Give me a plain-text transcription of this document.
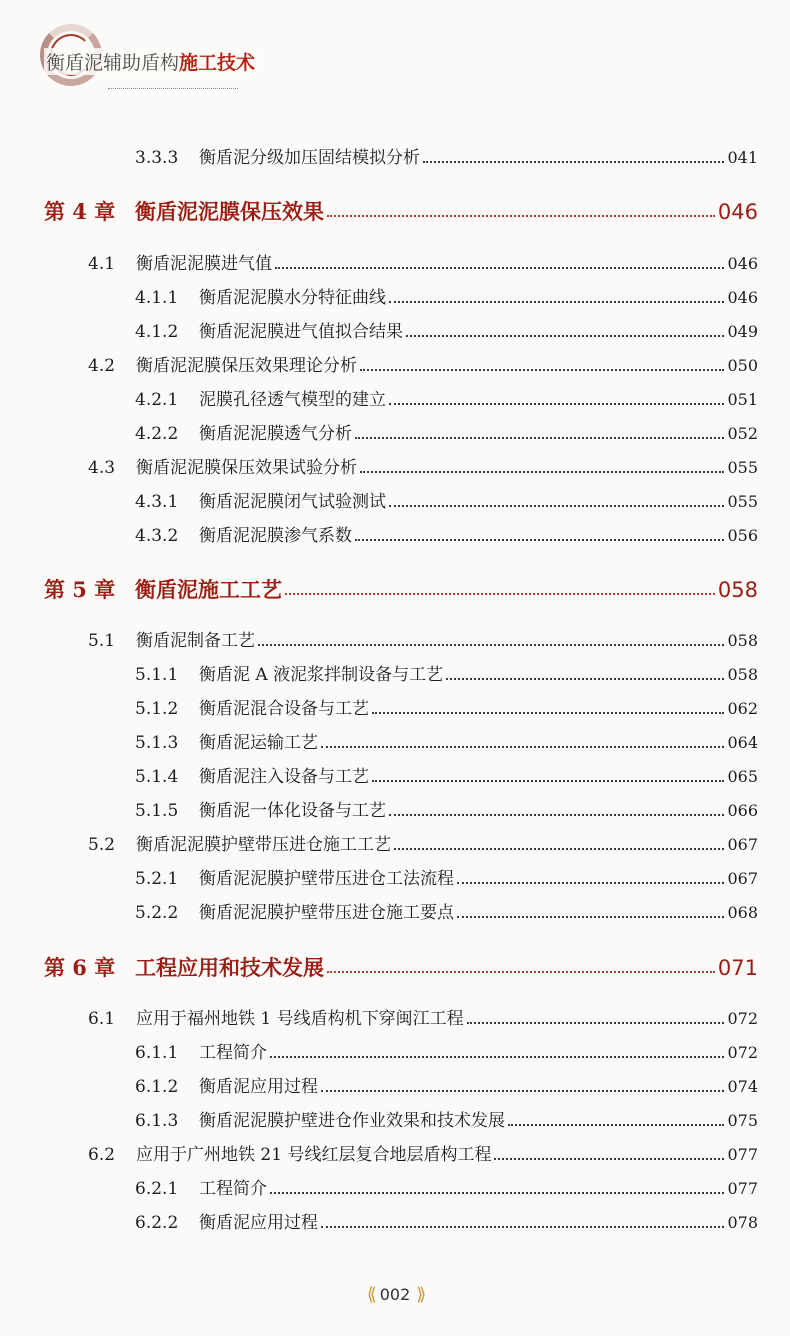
衡盾泥辅助盾构施工技术
3.3.3	衡盾泥分级加压固结模拟分析	041
第 4 章 衡盾泥泥膜保压效果	046
4.1	衡盾泥泥膜进气值	046
4.1.1	衡盾泥泥膜水分特征曲线	046
4.1.2	衡盾泥泥膜进气值拟合结果	049
4.2	衡盾泥泥膜保压效果理论分析	050
4.2.1	泥膜孔径透气模型的建立	051
4.2.2	衡盾泥泥膜透气分析	052
4.3	衡盾泥泥膜保压效果试验分析	055
4.3.1	衡盾泥泥膜闭气试验测试	055
4.3.2	衡盾泥泥膜渗气系数	056
第 5 章 衡盾泥施工工艺	058
5.1	衡盾泥制备工艺	058
5.1.1	衡盾泥 A 液泥浆拌制设备与工艺	058
5.1.2	衡盾泥混合设备与工艺	062
5.1.3	衡盾泥运输工艺	064
5.1.4	衡盾泥注入设备与工艺	065
5.1.5	衡盾泥一体化设备与工艺	066
5.2	衡盾泥泥膜护壁带压进仓施工工艺	067
5.2.1	衡盾泥泥膜护壁带压进仓工法流程	067
5.2.2	衡盾泥泥膜护壁带压进仓施工要点	068
第 6 章 工程应用和技术发展	071
6.1	应用于福州地铁 1 号线盾构机下穿闽江工程	072
6.1.1	工程简介	072
6.1.2	衡盾泥应用过程	074
6.1.3	衡盾泥泥膜护壁进仓作业效果和技术发展	075
6.2	应用于广州地铁 21 号线红层复合地层盾构工程	077
6.2.1	工程简介	077
6.2.2	衡盾泥应用过程	078
⟪ 002 ⟫
